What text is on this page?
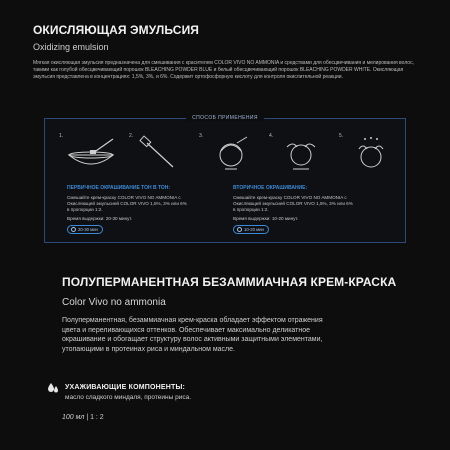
ОКИСЛЯЮЩАЯ ЭМУЛЬСИЯ
Oxidizing emulsion
Мягкая окисляющая эмульсия предназначена для смешивания с красителем COLOR VIVO NO AMMONIA и средствами для обесцвечивания и мелирования волос, такими как голубой обесцвечивающий порошок BLEACHING POWDER BLUE и белый обесцвечивающий порошок BLEACHING POWDER WHITE. Окисляющая эмульсия представлена в концентрациях: 1,5%, 3%, и 6%. Содержит ортофосфорную кислоту для контроля окислительной реакции.
СПОСОБ ПРИМЕНЕНИЯ
1.	2.	3.	4.	5.
ПЕРВИЧНОЕ ОКРАШИВАНИЕ ТОН В ТОН:
Смешайте крем-краску COLOR VIVO NO AMMONIA с Окисляющей эмульсией COLOR VIVO 1,5%, 3% или 6% в пропорции 1:2.
Время выдержки: 20-30 минут.
20-30 мин
ВТОРИЧНОЕ ОКРАШИВАНИЕ:
Смешайте крем-краску COLOR VIVO NO AMMONIA с Окисляющей эмульсией COLOR VIVO 1,5%, 3% или 6% в пропорции 1:2.
Время выдержки: 10-20 минут.
10-20 мин
ПОЛУПЕРМАНЕНТНАЯ БЕЗАММИАЧНАЯ КРЕМ-КРАСКА
Color Vivo no ammonia
Полуперманентная, безаммиачная крем-краска обладает эффектом отражения цвета и переливающихся оттенков. Обеспечивает максимально деликатное окрашивание и обогащает структуру волос активными защитными элементами, утопающими в протеинах риса и миндальном масле.
УХАЖИВАЮЩИЕ КОМПОНЕНТЫ:
масло сладкого миндаля, протеины риса.
100 мл | 1 : 2
